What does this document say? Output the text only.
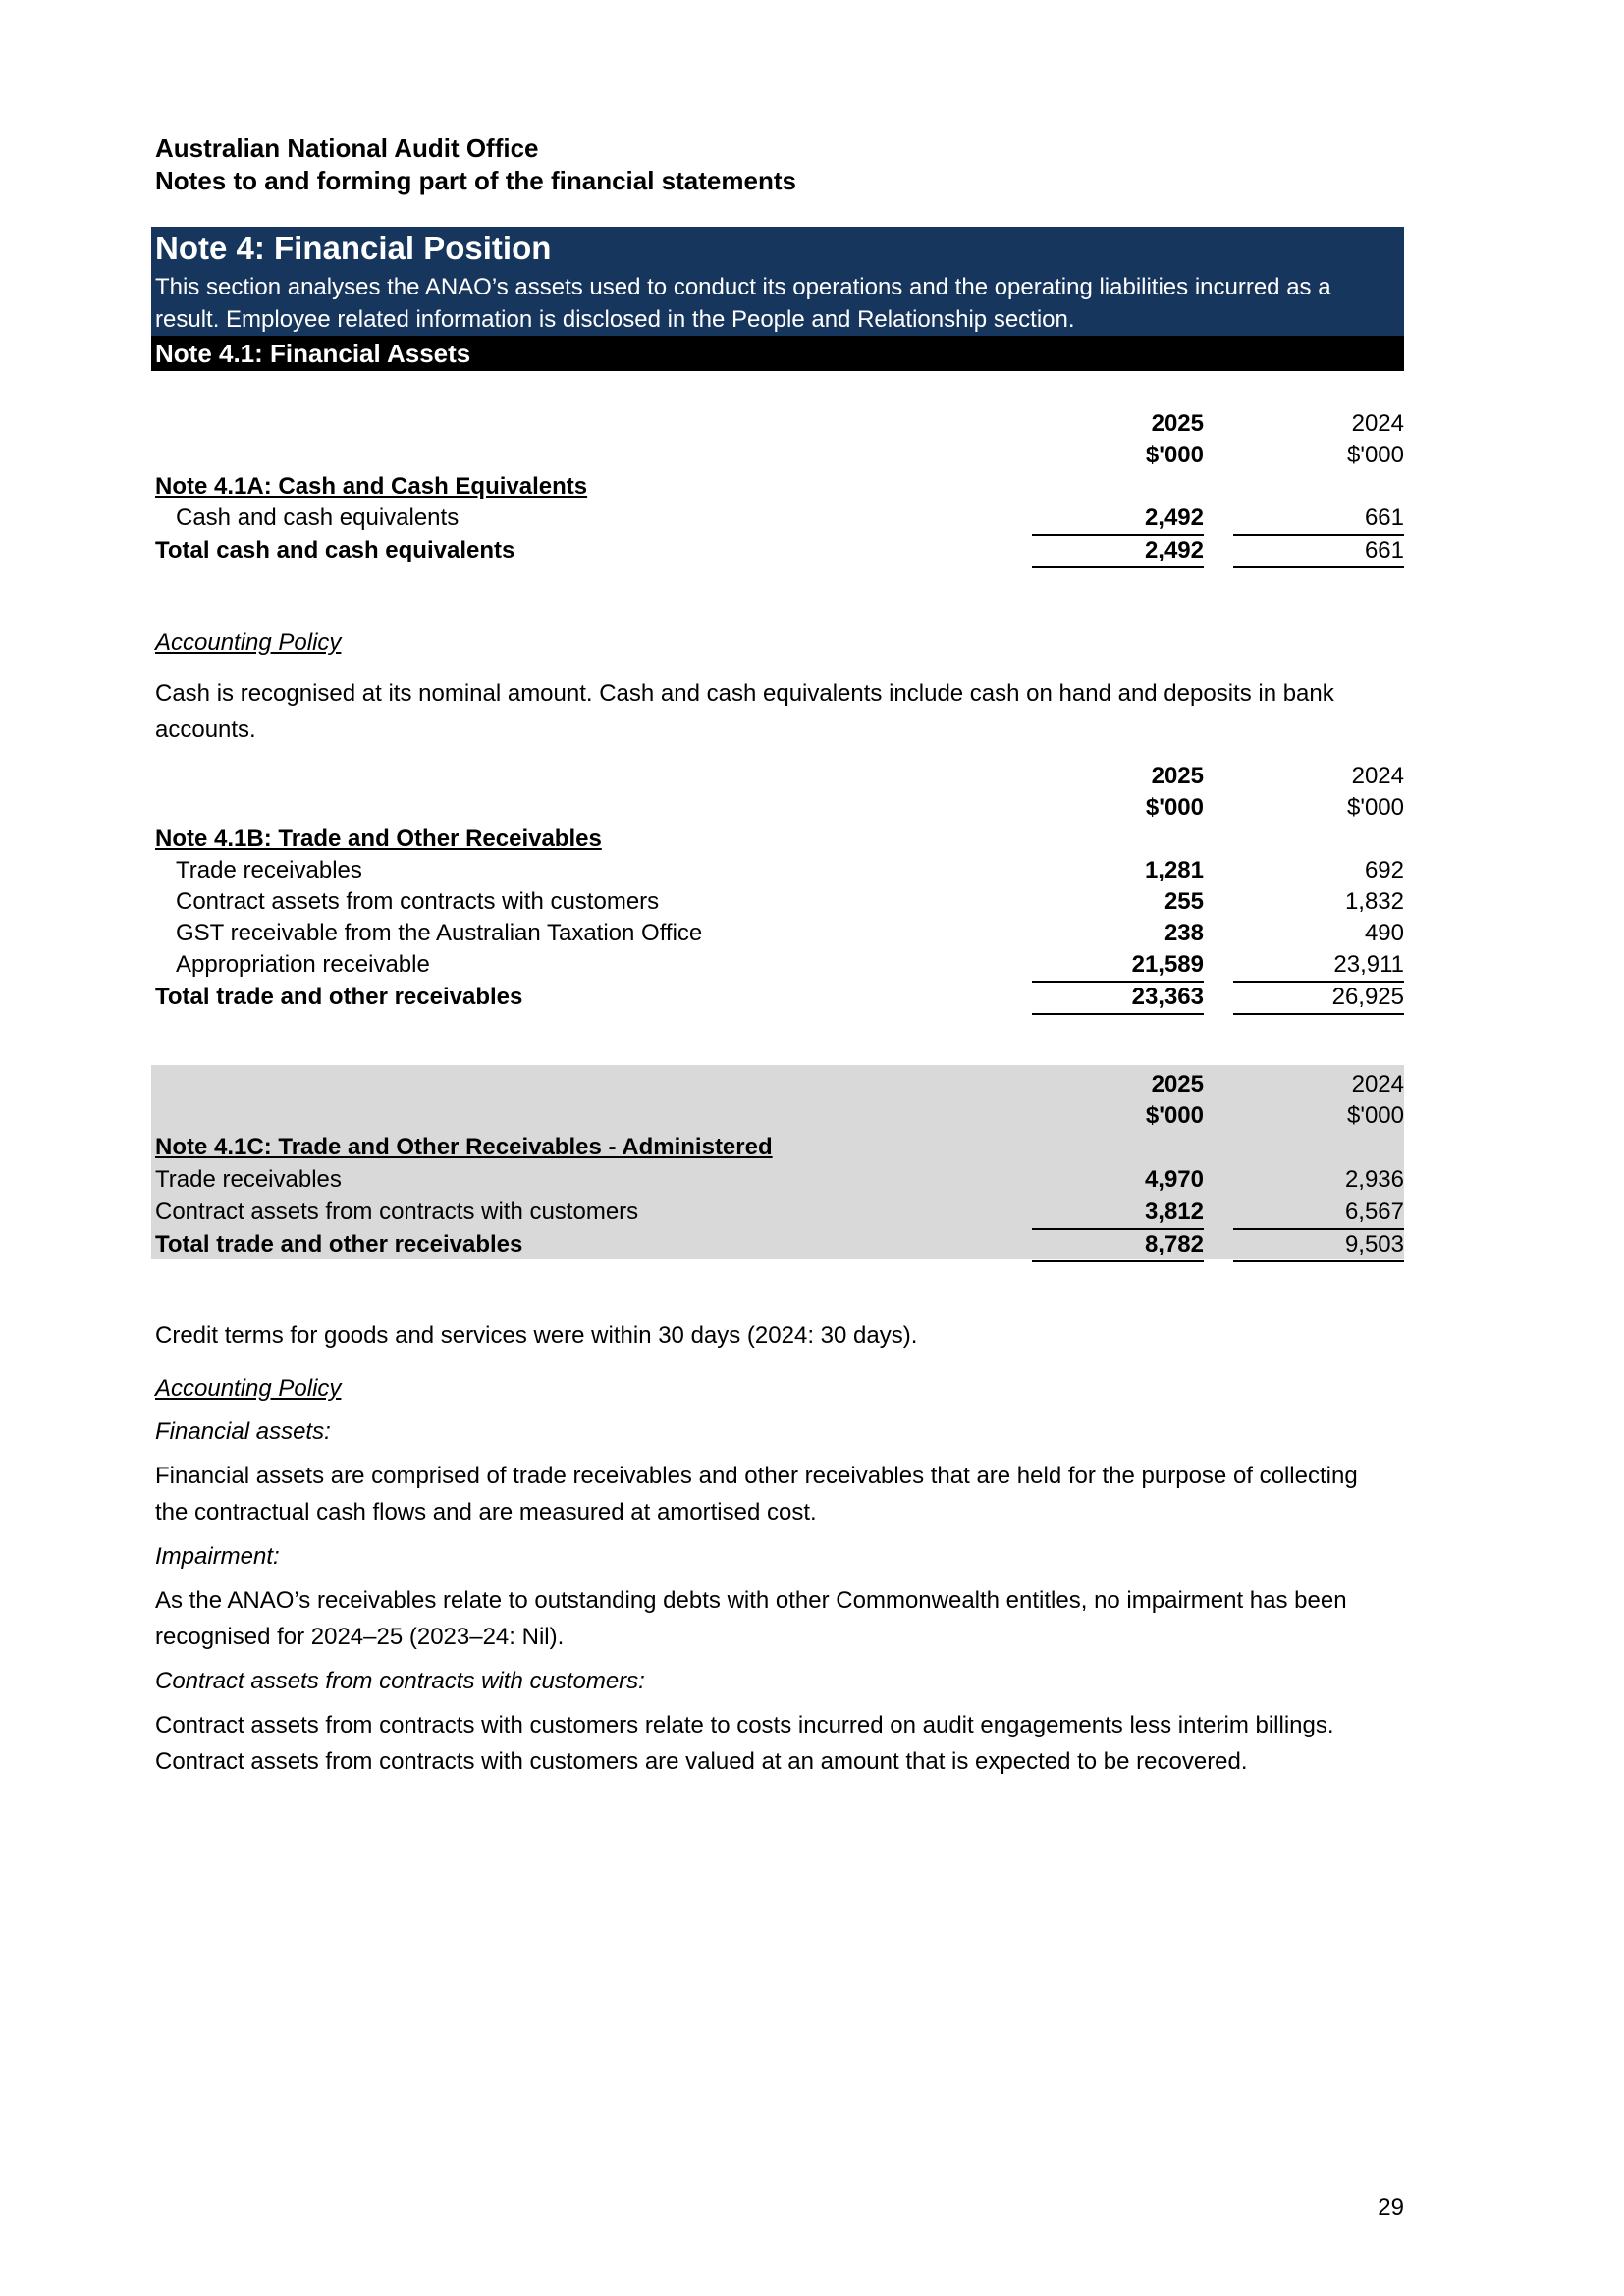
Australian National Audit Office
Notes to and forming part of the financial statements
Note 4: Financial Position
This section analyses the ANAO’s assets used to conduct its operations and the operating liabilities incurred as a
result. Employee related information is disclosed in the People and Relationship section.
Note 4.1: Financial Assets
2025	2024
$'000	$'000
Note 4.1A: Cash and Cash Equivalents
Cash and cash equivalents	2,492	661
Total cash and cash equivalents	2,492	661
Accounting Policy
Cash is recognised at its nominal amount. Cash and cash equivalents include cash on hand and deposits in bank
accounts.
2025	2024
$'000	$'000
Note 4.1B: Trade and Other Receivables
Trade receivables	1,281	692
Contract assets from contracts with customers	255	1,832
GST receivable from the Australian Taxation Office	238	490
Appropriation receivable	21,589	23,911
Total trade and other receivables	23,363	26,925
2025	2024
$'000	$'000
Note 4.1C: Trade and Other Receivables - Administered
Trade receivables	4,970	2,936
Contract assets from contracts with customers	3,812	6,567
Total trade and other receivables	8,782	9,503
Credit terms for goods and services were within 30 days (2024: 30 days).
Accounting Policy
Financial assets:
Financial assets are comprised of trade receivables and other receivables that are held for the purpose of collecting
the contractual cash flows and are measured at amortised cost.
Impairment:
As the ANAO’s receivables relate to outstanding debts with other Commonwealth entitles, no impairment has been
recognised for 2024–25 (2023–24: Nil).
Contract assets from contracts with customers:
Contract assets from contracts with customers relate to costs incurred on audit engagements less interim billings.
Contract assets from contracts with customers are valued at an amount that is expected to be recovered.
29
